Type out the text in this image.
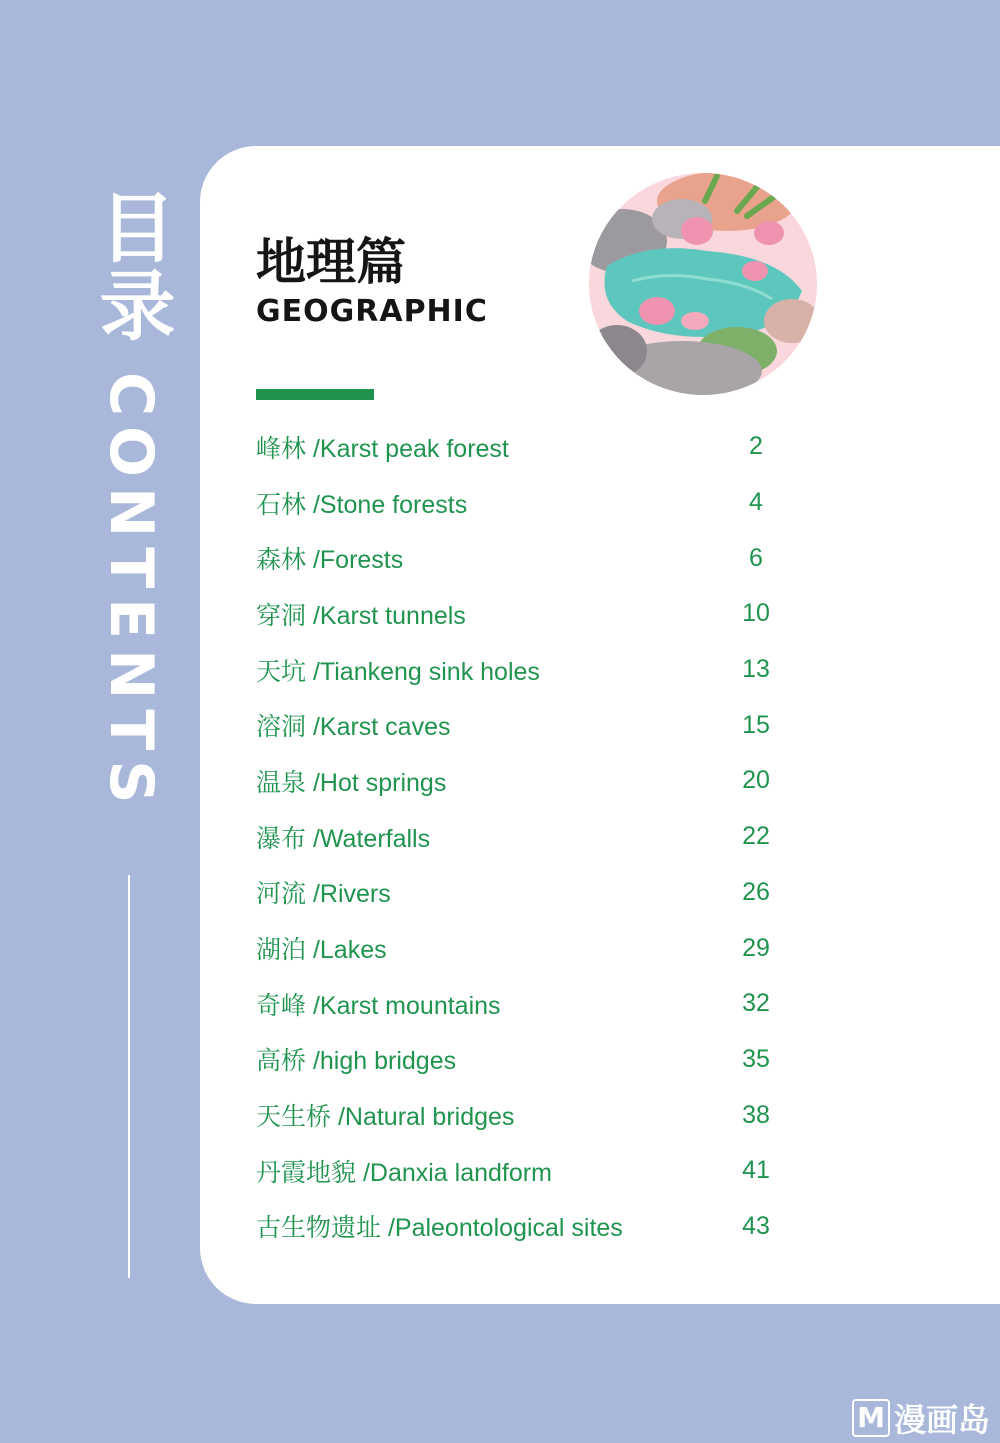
目录
CONTENTS
地理篇
GEOGRAPHIC
峰林 /Karst peak forest	2
石林 /Stone forests	4
森林 /Forests	6
穿洞 /Karst tunnels	10
天坑 /Tiankeng sink holes	13
溶洞 /Karst caves	15
温泉 /Hot springs	20
瀑布 /Waterfalls	22
河流 /Rivers	26
湖泊 /Lakes	29
奇峰 /Karst mountains	32
高桥 /high bridges	35
天生桥 /Natural bridges	38
丹霞地貌 /Danxia landform	41
古生物遗址 /Paleontological sites	43
M 漫画岛
